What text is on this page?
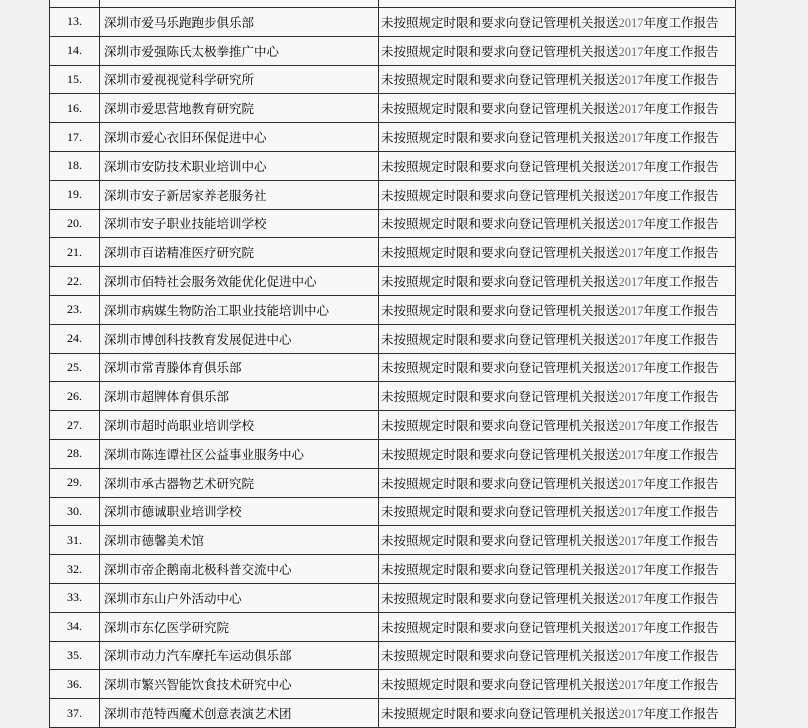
13. 深圳市爱马乐跑跑步俱乐部	未按照规定时限和要求向登记管理机关报送2017年度工作报告
14. 深圳市爱强陈氏太极拳推广中心	未按照规定时限和要求向登记管理机关报送2017年度工作报告
15. 深圳市爱视视觉科学研究所	未按照规定时限和要求向登记管理机关报送2017年度工作报告
16. 深圳市爱思营地教育研究院	未按照规定时限和要求向登记管理机关报送2017年度工作报告
17. 深圳市爱心衣旧环保促进中心	未按照规定时限和要求向登记管理机关报送2017年度工作报告
18. 深圳市安防技术职业培训中心	未按照规定时限和要求向登记管理机关报送2017年度工作报告
19. 深圳市安子新居家养老服务社	未按照规定时限和要求向登记管理机关报送2017年度工作报告
20. 深圳市安子职业技能培训学校	未按照规定时限和要求向登记管理机关报送2017年度工作报告
21. 深圳市百诺精准医疗研究院	未按照规定时限和要求向登记管理机关报送2017年度工作报告
22. 深圳市佰特社会服务效能优化促进中心	未按照规定时限和要求向登记管理机关报送2017年度工作报告
23. 深圳市病媒生物防治工职业技能培训中心	未按照规定时限和要求向登记管理机关报送2017年度工作报告
24. 深圳市博创科技教育发展促进中心	未按照规定时限和要求向登记管理机关报送2017年度工作报告
25. 深圳市常青滕体育俱乐部	未按照规定时限和要求向登记管理机关报送2017年度工作报告
26. 深圳市超牌体育俱乐部	未按照规定时限和要求向登记管理机关报送2017年度工作报告
27. 深圳市超时尚职业培训学校	未按照规定时限和要求向登记管理机关报送2017年度工作报告
28. 深圳市陈连谭社区公益事业服务中心	未按照规定时限和要求向登记管理机关报送2017年度工作报告
29. 深圳市承古器物艺术研究院	未按照规定时限和要求向登记管理机关报送2017年度工作报告
30. 深圳市德诚职业培训学校	未按照规定时限和要求向登记管理机关报送2017年度工作报告
31. 深圳市德馨美术馆	未按照规定时限和要求向登记管理机关报送2017年度工作报告
32. 深圳市帝企鹅南北极科普交流中心	未按照规定时限和要求向登记管理机关报送2017年度工作报告
33. 深圳市东山户外活动中心	未按照规定时限和要求向登记管理机关报送2017年度工作报告
34. 深圳市东亿医学研究院	未按照规定时限和要求向登记管理机关报送2017年度工作报告
35. 深圳市动力汽车摩托车运动俱乐部	未按照规定时限和要求向登记管理机关报送2017年度工作报告
36. 深圳市繁兴智能饮食技术研究中心	未按照规定时限和要求向登记管理机关报送2017年度工作报告
37. 深圳市范特西魔术创意表演艺术团	未按照规定时限和要求向登记管理机关报送2017年度工作报告
